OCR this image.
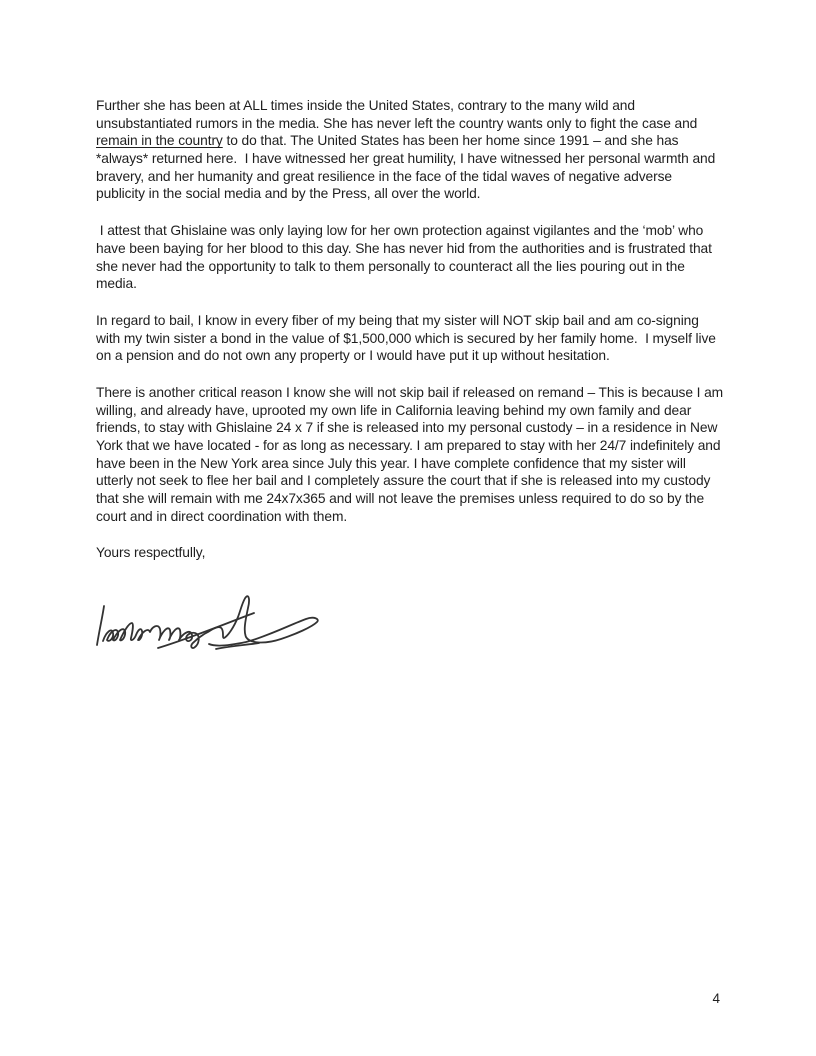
Further she has been at ALL times inside the United States, contrary to the many wild and
unsubstantiated rumors in the media. She has never left the country wants only to fight the case and
remain in the country to do that. The United States has been her home since 1991 – and she has
*always* returned here.  I have witnessed her great humility, I have witnessed her personal warmth and
bravery, and her humanity and great resilience in the face of the tidal waves of negative adverse
publicity in the social media and by the Press, all over the world.
I attest that Ghislaine was only laying low for her own protection against vigilantes and the ‘mob’ who
have been baying for her blood to this day. She has never hid from the authorities and is frustrated that
she never had the opportunity to talk to them personally to counteract all the lies pouring out in the
media.
In regard to bail, I know in every fiber of my being that my sister will NOT skip bail and am co-signing
with my twin sister a bond in the value of $1,500,000 which is secured by her family home.  I myself live
on a pension and do not own any property or I would have put it up without hesitation.
There is another critical reason I know she will not skip bail if released on remand – This is because I am
willing, and already have, uprooted my own life in California leaving behind my own family and dear
friends, to stay with Ghislaine 24 x 7 if she is released into my personal custody – in a residence in New
York that we have located - for as long as necessary. I am prepared to stay with her 24/7 indefinitely and
have been in the New York area since July this year. I have complete confidence that my sister will
utterly not seek to flee her bail and I completely assure the court that if she is released into my custody
that she will remain with me 24x7x365 and will not leave the premises unless required to do so by the
court and in direct coordination with them.
Yours respectfully,
4
